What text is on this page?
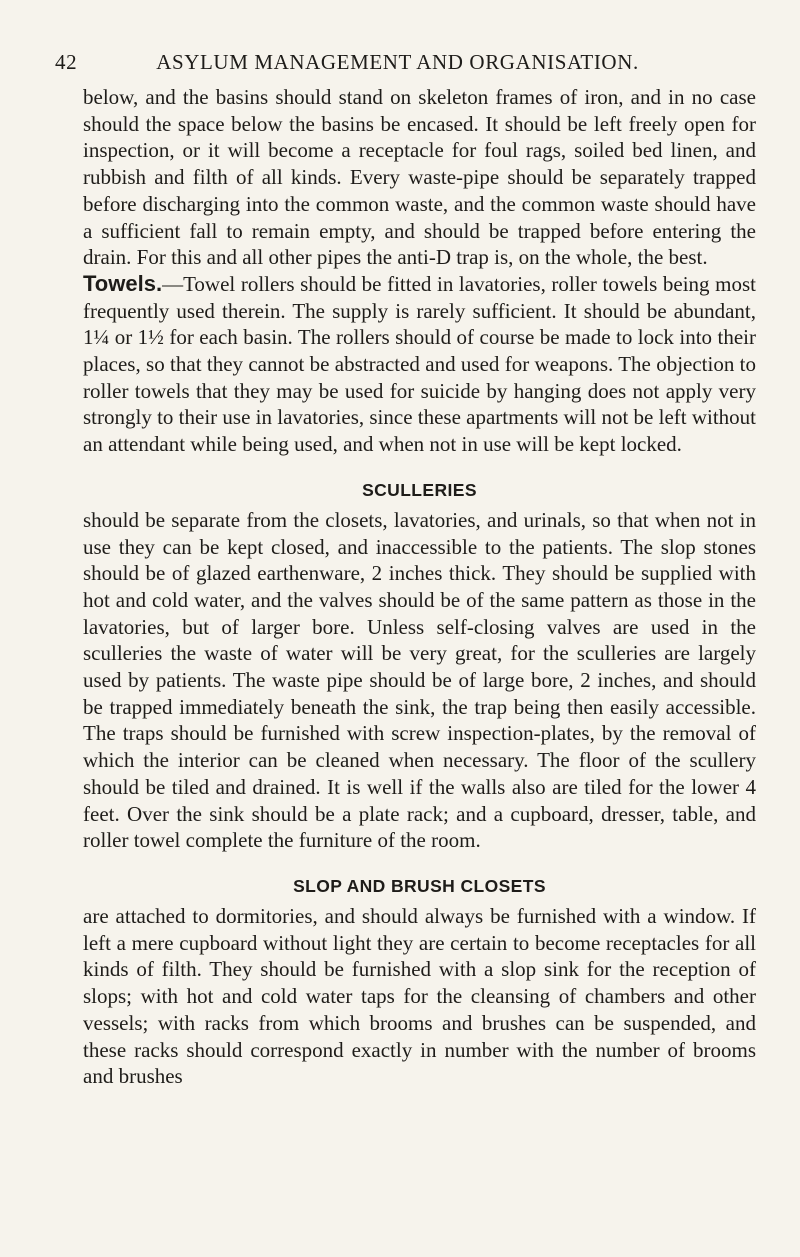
42	ASYLUM MANAGEMENT AND ORGANISATION.

below, and the basins should stand on skeleton frames of iron, and in no case should the space below the basins be encased. It should be left freely open for inspection, or it will become a receptacle for foul rags, soiled bed linen, and rubbish and filth of all kinds. Every waste-pipe should be separately trapped before discharging into the common waste, and the common waste should have a sufficient fall to remain empty, and should be trapped before entering the drain. For this and all other pipes the anti-D trap is, on the whole, the best.

Towels.—Towel rollers should be fitted in lavatories, roller towels being most frequently used therein. The supply is rarely sufficient. It should be abundant, 1¼ or 1½ for each basin. The rollers should of course be made to lock into their places, so that they cannot be abstracted and used for weapons. The objection to roller towels that they may be used for suicide by hanging does not apply very strongly to their use in lavatories, since these apartments will not be left without an attendant while being used, and when not in use will be kept locked.

SCULLERIES

should be separate from the closets, lavatories, and urinals, so that when not in use they can be kept closed, and inaccessible to the patients. The slop stones should be of glazed earthenware, 2 inches thick. They should be supplied with hot and cold water, and the valves should be of the same pattern as those in the lavatories, but of larger bore. Unless self-closing valves are used in the sculleries the waste of water will be very great, for the sculleries are largely used by patients. The waste pipe should be of large bore, 2 inches, and should be trapped immediately beneath the sink, the trap being then easily accessible. The traps should be furnished with screw inspection-plates, by the removal of which the interior can be cleaned when necessary. The floor of the scullery should be tiled and drained. It is well if the walls also are tiled for the lower 4 feet. Over the sink should be a plate rack; and a cupboard, dresser, table, and roller towel complete the furniture of the room.

SLOP AND BRUSH CLOSETS

are attached to dormitories, and should always be furnished with a window. If left a mere cupboard without light they are certain to become receptacles for all kinds of filth. They should be furnished with a slop sink for the reception of slops; with hot and cold water taps for the cleansing of chambers and other vessels; with racks from which brooms and brushes can be suspended, and these racks should correspond exactly in number with the number of brooms and brushes
